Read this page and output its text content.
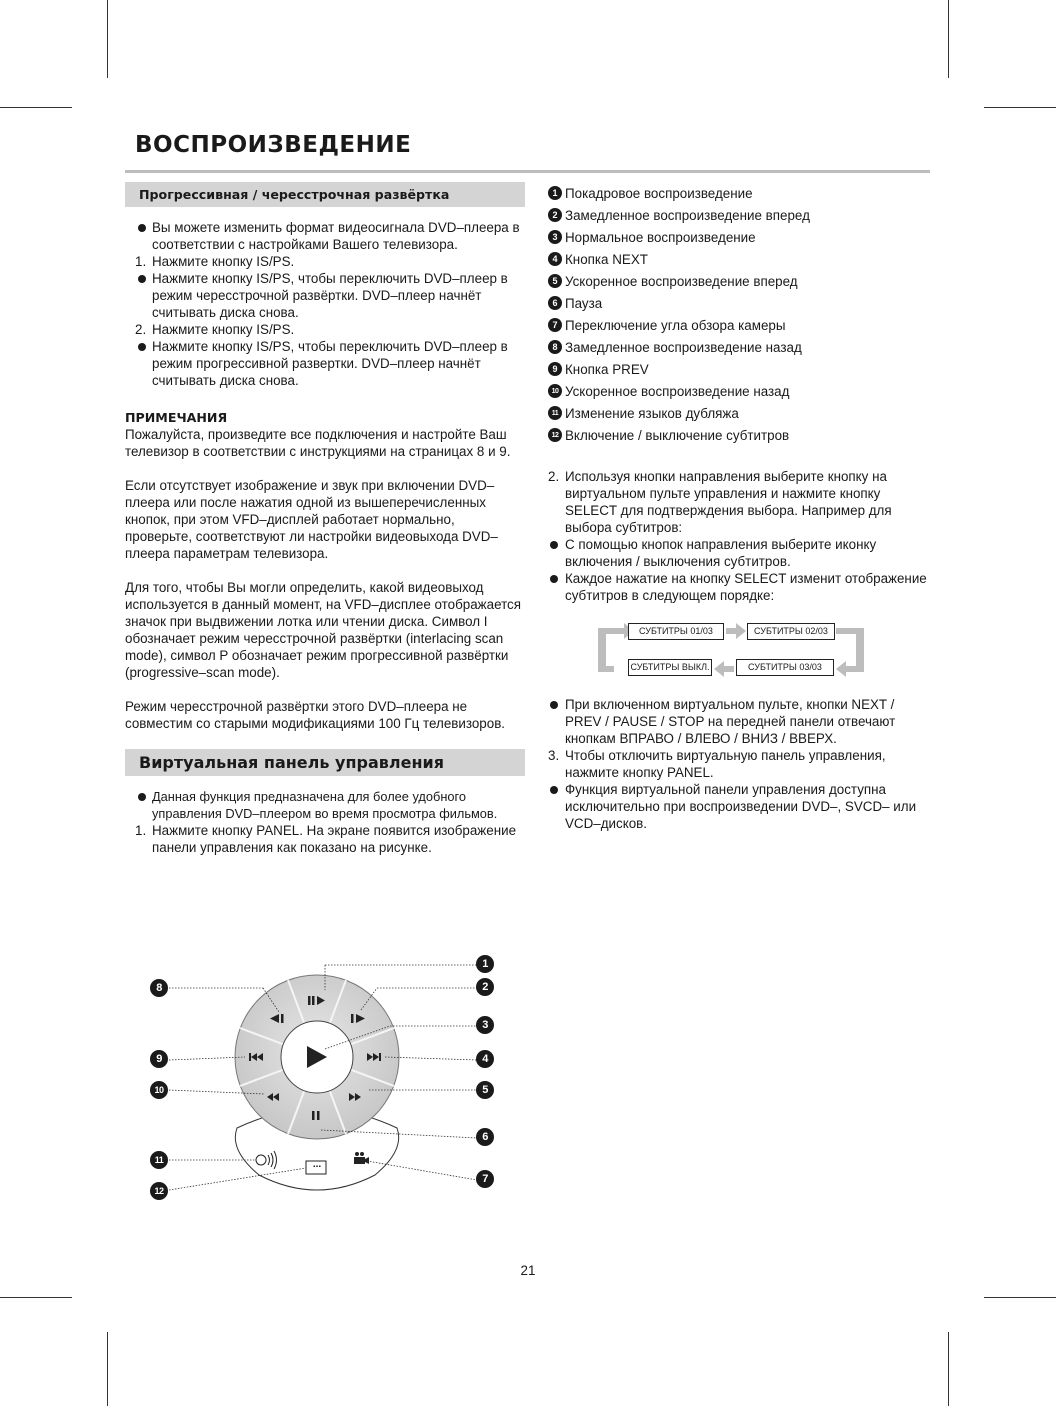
ВОСПРОИЗВЕДЕНИЕ
Прогрессивная / чересстрочная развёртка

Вы можете изменить формат видеосигнала DVD–плеера в соответствии с настройками Вашего телевизора.

1. Нажмите кнопку IS/PS.

Нажмите кнопку IS/PS, чтобы переключить DVD–плеер в режим чересстрочной развёртки. DVD–плеер начнёт считывать диска снова.

2. Нажмите кнопку IS/PS.

Нажмите кнопку IS/PS, чтобы переключить DVD–плеер в режим прогрессивной развертки. DVD–плеер начнёт считывать диска снова.

ПРИМЕЧАНИЯ

Пожалуйста, произведите все подключения и настройте Ваш телевизор в соответствии с инструкциями на страницах 8 и 9.

Если отсутствует изображение и звук при включении DVD–плеера или после нажатия одной из вышеперечисленных кнопок, при этом VFD–дисплей работает нормально, проверьте, соответствуют ли настройки видеовыхода DVD–плеера параметрам телевизора.

Для того, чтобы Вы могли определить, какой видеовыход используется в данный момент, на VFD–дисплее отображается значок при выдвижении лотка или чтении диска. Символ I обозначает режим чересстрочной развёртки (interlacing scan mode), символ P обозначает режим прогрессивной развёртки (progressive–scan mode).

Режим чересстрочной развёртки этого DVD–плеера не совместим со старыми модификациями 100 Гц телевизоров.

Виртуальная панель управления

Данная функция предназначена для более удобного управления DVD–плеером во время просмотра фильмов.

1. Нажмите кнопку PANEL. На экране появится изображение панели управления как показано на рисунке.

...
1
2
3
4
5
6
7
8
9
10
11
12
1 Покадровое воспроизведение
2 Замедленное воспроизведение вперед
3 Нормальное воспроизведение
4 Кнопка NEXT
5 Ускоренное воспроизведение вперед
6 Пауза
7 Переключение угла обзора камеры
8 Замедленное воспроизведение назад
9 Кнопка PREV
10 Ускоренное воспроизведение назад
11 Изменение языков дубляжа
12 Включение / выключение субтитров

2. Используя кнопки направления выберите кнопку на виртуальном пульте управления и нажмите кнопку SELECT для подтверждения выбора. Например для выбора субтитров:

С помощью кнопок направления выберите иконку включения / выключения субтитров.

Каждое нажатие на кнопку SELECT изменит отображение субтитров в следующем порядке:

СУБТИТРЫ 01/03	СУБТИТРЫ 02/03
СУБТИТРЫ 03/03
СУБТИТРЫ ВЫКЛ.

При включенном виртуальном пульте, кнопки NEXT / PREV / PAUSE / STOP на передней панели отвечают кнопкам ВПРАВО / ВЛЕВО / ВНИЗ / ВВЕРХ.

3. Чтобы отключить виртуальную панель управления, нажмите кнопку PANEL.

Функция виртуальной панели управления доступна исключительно при воспроизведении DVD–, SVCD– или VCD–дисков.

21
